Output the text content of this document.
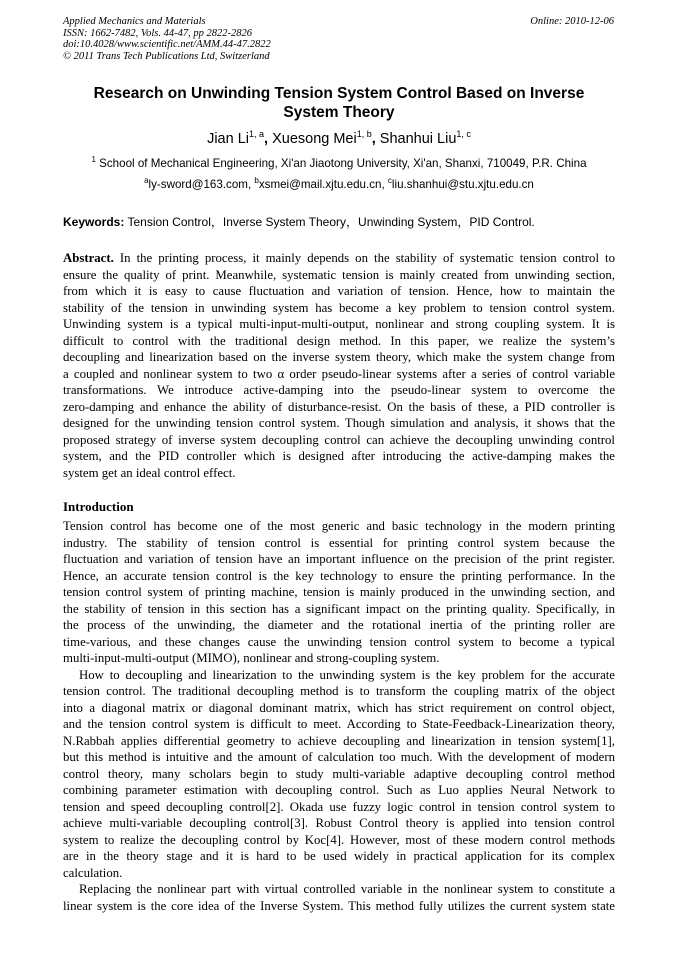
Applied Mechanics and Materials
ISSN: 1662-7482, Vols. 44-47, pp 2822-2826
doi:10.4028/www.scientific.net/AMM.44-47.2822
© 2011 Trans Tech Publications Ltd, Switzerland
Online: 2010-12-06
Research on Unwinding Tension System Control Based on Inverse
System Theory
Jian Li$^{1, a}$, Xuesong Mei$^{1, b}$, Shanhui Liu$^{1, c}$
$^1$ School of Mechanical Engineering, Xi'an Jiaotong University, Xi'an, Shanxi, 710049, P.R. China
$^a$ly-sword@163.com, $^b$xsmei@mail.xjtu.edu.cn, $^c$liu.shanhui@stu.xjtu.edu.cn
Keywords: Tension Control，Inverse System Theory，Unwinding System，PID Control.
Abstract. In the printing process, it mainly depends on the stability of systematic tension control to
ensure the quality of print. Meanwhile, systematic tension is mainly created from unwinding section,
from which it is easy to cause fluctuation and variation of tension. Hence, how to maintain the
stability of the tension in unwinding system has become a key problem to tension control system.
Unwinding system is a typical multi-input-multi-output, nonlinear and strong coupling system. It is
difficult to control with the traditional design method. In this paper, we realize the system’s
decoupling and linearization based on the inverse system theory, which make the system change from
a coupled and nonlinear system to two α order pseudo-linear systems after a series of control variable
transformations. We introduce active-damping into the pseudo-linear system to overcome the
zero-damping and enhance the ability of disturbance-resist. On the basis of these, a PID controller is
designed for the unwinding tension control system. Though simulation and analysis, it shows that the
proposed strategy of inverse system decoupling control can achieve the decoupling unwinding control
system, and the PID controller which is designed after introducing the active-damping makes the
system get an ideal control effect.
Introduction
Tension control has become one of the most generic and basic technology in the modern printing
industry. The stability of tension control is essential for printing control system because the
fluctuation and variation of tension have an important influence on the precision of the print register.
Hence, an accurate tension control is the key technology to ensure the printing performance. In the
tension control system of printing machine, tension is mainly produced in the unwinding section, and
the stability of tension in this section has a significant impact on the printing quality. Specifically, in
the process of the unwinding, the diameter and the rotational inertia of the printing roller are
time-various, and these changes cause the unwinding tension control system to become a typical
multi-input-multi-output (MIMO), nonlinear and strong-coupling system.
How to decoupling and linearization to the unwinding system is the key problem for the accurate
tension control. The traditional decoupling method is to transform the coupling matrix of the object
into a diagonal matrix or diagonal dominant matrix, which has strict requirement on control object,
and the tension control system is difficult to meet. According to State-Feedback-Linearization theory,
N.Rabbah applies differential geometry to achieve decoupling and linearization in tension system[1],
but this method is intuitive and the amount of calculation too much. With the development of modern
control theory, many scholars begin to study multi-variable adaptive decoupling control method
combining parameter estimation with decoupling control. Such as Luo applies Neural Network to
tension and speed decoupling control[2]. Okada use fuzzy logic control in tension control system to
achieve multi-variable decoupling control[3]. Robust Control theory is applied into tension control
system to realize the decoupling control by Koc[4]. However, most of these modern control methods
are in the theory stage and it is hard to be used widely in practical application for its complex
calculation.
Replacing the nonlinear part with virtual controlled variable in the nonlinear system to constitute a
linear system is the core idea of the Inverse System. This method fully utilizes the current system state
